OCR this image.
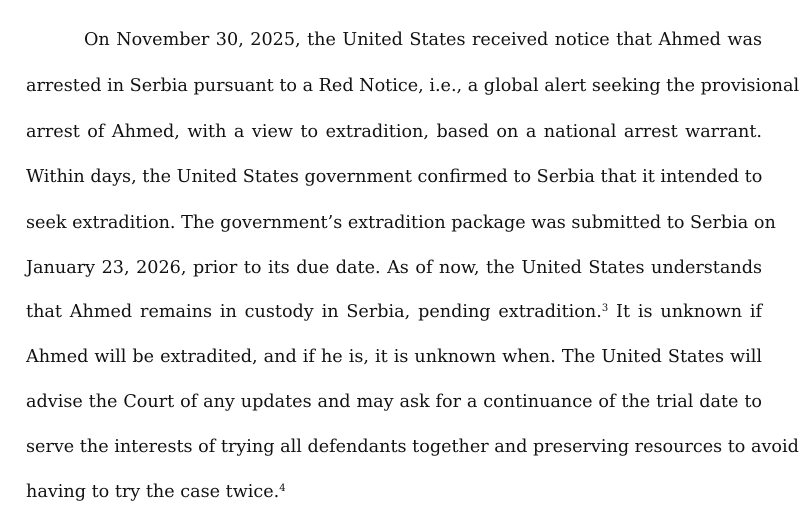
On November 30, 2025, the United States received notice that Ahmed was
arrested in Serbia pursuant to a Red Notice, i.e., a global alert seeking the provisional
arrest of Ahmed, with a view to extradition, based on a national arrest warrant.
Within days, the United States government confirmed to Serbia that it intended to
seek extradition. The government’s extradition package was submitted to Serbia on
January 23, 2026, prior to its due date. As of now, the United States understands
that Ahmed remains in custody in Serbia, pending extradition.$^3$ It is unknown if
Ahmed will be extradited, and if he is, it is unknown when. The United States will
advise the Court of any updates and may ask for a continuance of the trial date to
serve the interests of trying all defendants together and preserving resources to avoid
having to try the case twice.$^4$
